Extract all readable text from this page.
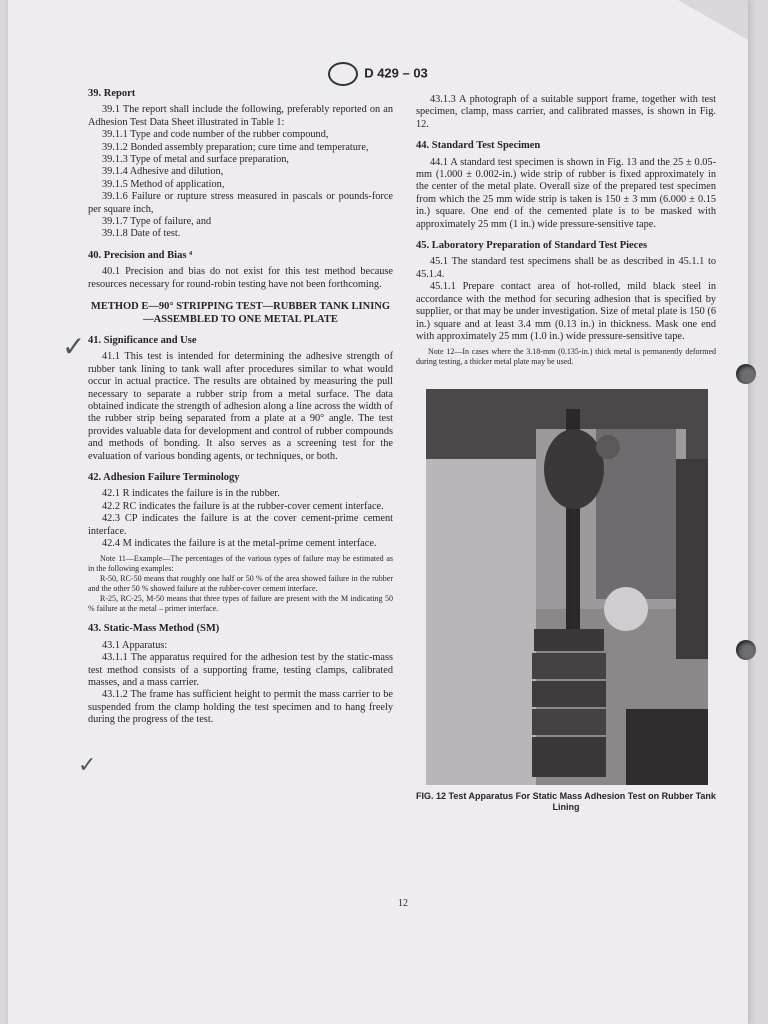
D 429 – 03
39. Report

39.1 The report shall include the following, preferably reported on an Adhesion Test Data Sheet illustrated in Table 1:

39.1.1 Type and code number of the rubber compound,

39.1.2 Bonded assembly preparation; cure time and temperature,

39.1.3 Type of metal and surface preparation,

39.1.4 Adhesive and dilution,

39.1.5 Method of application,

39.1.6 Failure or rupture stress measured in pascals or pounds-force per square inch,

39.1.7 Type of failure, and

39.1.8 Date of test.

40. Precision and Bias ⁴

40.1 Precision and bias do not exist for this test method because resources necessary for round-robin testing have not been forthcoming.

METHOD E—90° STRIPPING TEST—RUBBER TANK LINING—ASSEMBLED TO ONE METAL PLATE
41. Significance and Use

41.1 This test is intended for determining the adhesive strength of rubber tank lining to tank wall after procedures similar to what would occur in actual practice. The results are obtained by measuring the pull necessary to separate a rubber strip from a metal surface. The data obtained indicate the strength of adhesion along a line across the width of the rubber strip being separated from a plate at a 90° angle. The test provides valuable data for development and control of rubber compounds and methods of bonding. It also serves as a screening test for the evaluation of various bonding agents, or techniques, or both.

42. Adhesion Failure Terminology

42.1 R indicates the failure is in the rubber.

42.2 RC indicates the failure is at the rubber-cover cement interface.

42.3 CP indicates the failure is at the cover cement-prime cement interface.

42.4 M indicates the failure is at the metal-prime cement interface.

Note 11—Example—The percentages of the various types of failure may be estimated as in the following examples:

R-50, RC-50 means that roughly one half or 50 % of the area showed failure in the rubber and the other 50 % showed failure at the rubber-cover cement interface.

R-25, RC-25, M-50 means that three types of failure are present with the M indicating 50 % failure at the metal – primer interface.

43. Static-Mass Method (SM)

43.1 Apparatus:

43.1.1 The apparatus required for the adhesion test by the static-mass test method consists of a supporting frame, testing clamps, calibrated masses, and a mass carrier.

43.1.2 The frame has sufficient height to permit the mass carrier to be suspended from the clamp holding the test specimen and to hang freely during the progress of the test.

43.1.3 A photograph of a suitable support frame, together with test specimen, clamp, mass carrier, and calibrated masses, is shown in Fig. 12.

44. Standard Test Specimen

44.1 A standard test specimen is shown in Fig. 13 and the 25 ± 0.05-mm (1.000 ± 0.002-in.) wide strip of rubber is fixed approximately in the center of the metal plate. Overall size of the prepared test specimen from which the 25 mm wide strip is taken is 150 ± 3 mm (6.000 ± 0.15 in.) square. One end of the cemented plate is to be masked with approximately 25 mm (1 in.) wide pressure-sensitive tape.

45. Laboratory Preparation of Standard Test Pieces

45.1 The standard test specimens shall be as described in 45.1.1 to 45.1.4.

45.1.1 Prepare contact area of hot-rolled, mild black steel in accordance with the method for securing adhesion that is specified by supplier, or that may be under investigation. Size of metal plate is 150 (6 in.) square and at least 3.4 mm (0.13 in.) in thickness. Mask one end with approximately 25 mm (1.0 in.) wide pressure-sensitive tape.

Note 12—In cases where the 3.18-mm (0.135-in.) thick metal is permanently deformed during testing, a thicker metal plate may be used.

FIG. 12 Test Apparatus For Static Mass Adhesion Test on Rubber Tank Lining
12
✓
✓
